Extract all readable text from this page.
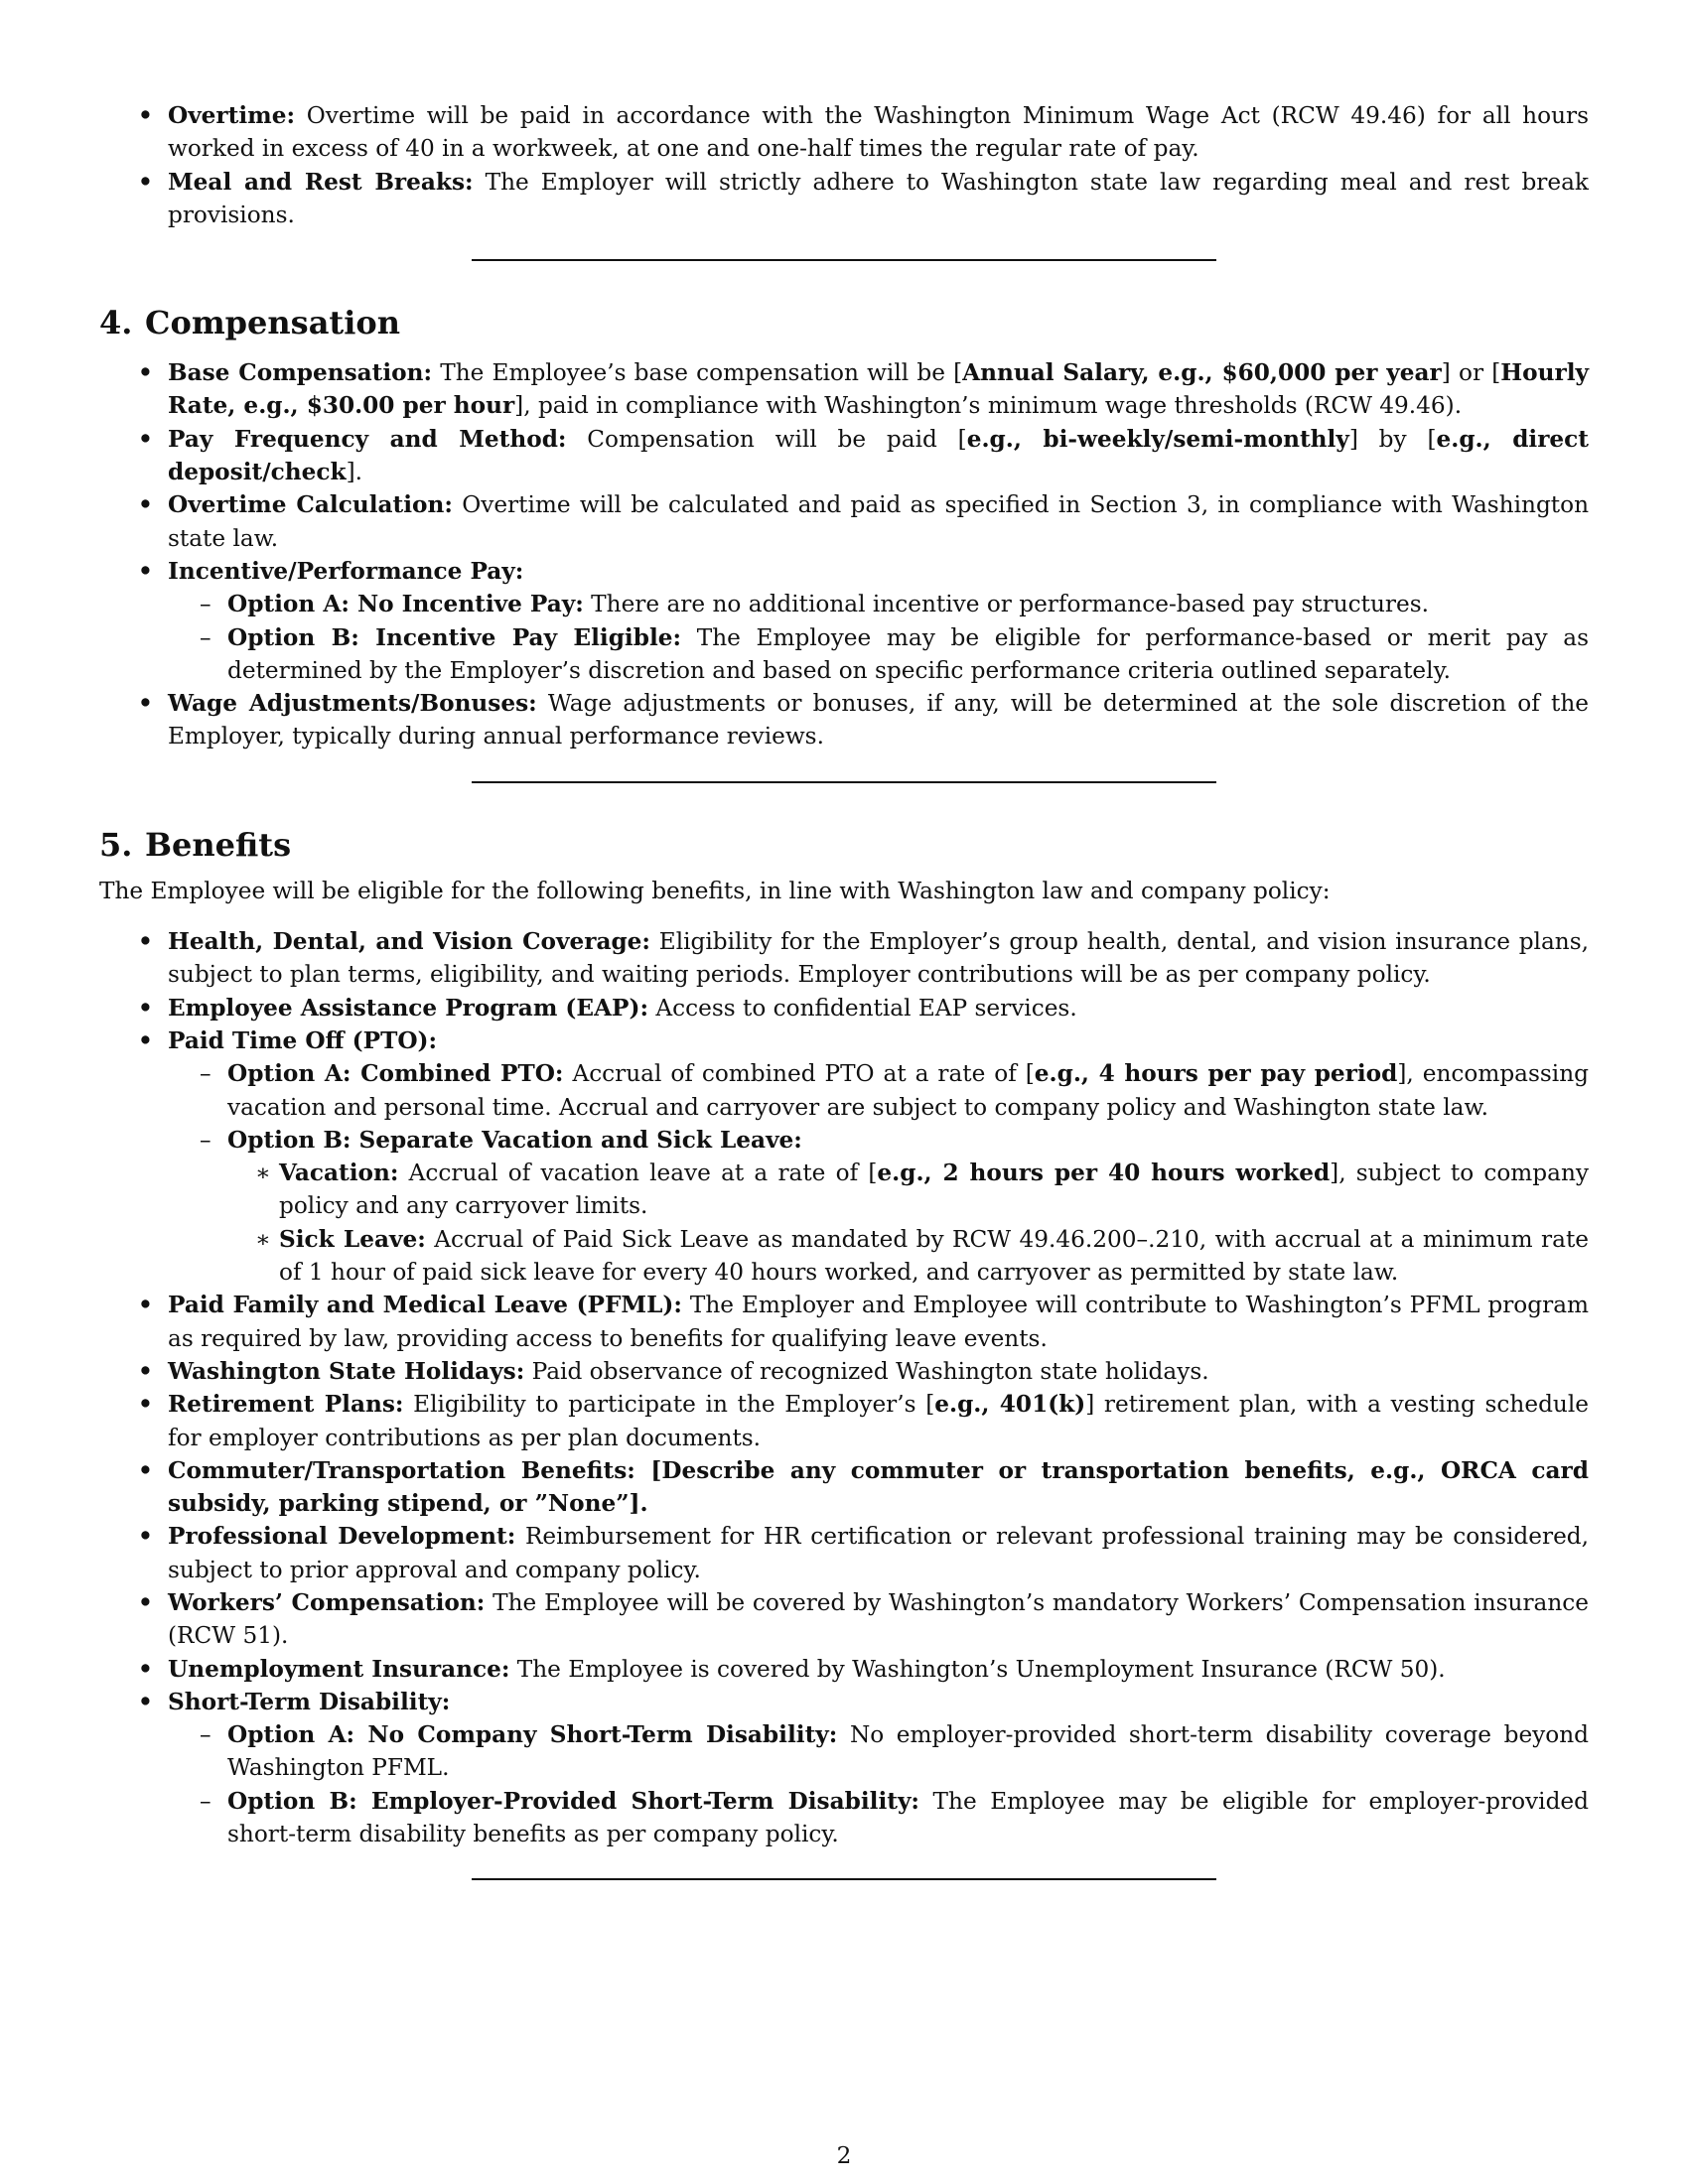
• Overtime: Overtime will be paid in accordance with the Washington Minimum Wage Act (RCW 49.46) for all hours worked in excess of 40 in a workweek, at one and one-half times the regular rate of pay.
• Meal and Rest Breaks: The Employer will strictly adhere to Washington state law regarding meal and rest break provisions.
4. Compensation
• Base Compensation: The Employee’s base compensation will be [Annual Salary, e.g., $60,000 per year] or [Hourly Rate, e.g., $30.00 per hour], paid in compliance with Washington’s minimum wage thresholds (RCW 49.46).
• Pay Frequency and Method: Compensation will be paid [e.g., bi-weekly/semi-monthly] by [e.g., direct deposit/check].
• Overtime Calculation: Overtime will be calculated and paid as specified in Section 3, in compliance with Washington state law.
• Incentive/Performance Pay:
– Option A: No Incentive Pay: There are no additional incentive or performance-based pay structures.
– Option B: Incentive Pay Eligible: The Employee may be eligible for performance-based or merit pay as determined by the Employer’s discretion and based on specific performance criteria outlined separately.
• Wage Adjustments/Bonuses: Wage adjustments or bonuses, if any, will be determined at the sole discretion of the Employer, typically during annual performance reviews.
5. Benefits

The Employee will be eligible for the following benefits, in line with Washington law and company policy:

• Health, Dental, and Vision Coverage: Eligibility for the Employer’s group health, dental, and vision insurance plans, subject to plan terms, eligibility, and waiting periods. Employer contributions will be as per company policy.
• Employee Assistance Program (EAP): Access to confidential EAP services.
• Paid Time Off (PTO):
– Option A: Combined PTO: Accrual of combined PTO at a rate of [e.g., 4 hours per pay period], encompassing vacation and personal time. Accrual and carryover are subject to company policy and Washington state law.
– Option B: Separate Vacation and Sick Leave:
∗ Vacation: Accrual of vacation leave at a rate of [e.g., 2 hours per 40 hours worked], subject to company policy and any carryover limits.
∗ Sick Leave: Accrual of Paid Sick Leave as mandated by RCW 49.46.200–.210, with accrual at a minimum rate of 1 hour of paid sick leave for every 40 hours worked, and carryover as permitted by state law.
• Paid Family and Medical Leave (PFML): The Employer and Employee will contribute to Washington’s PFML program as required by law, providing access to benefits for qualifying leave events.
• Washington State Holidays: Paid observance of recognized Washington state holidays.
• Retirement Plans: Eligibility to participate in the Employer’s [e.g., 401(k)] retirement plan, with a vesting schedule for employer contributions as per plan documents.
• Commuter/Transportation Benefits: [Describe any commuter or transportation benefits, e.g., ORCA card subsidy, parking stipend, or ”None”].
• Professional Development: Reimbursement for HR certification or relevant professional training may be considered, subject to prior approval and company policy.
• Workers’ Compensation: The Employee will be covered by Washington’s mandatory Workers’ Compensation insurance (RCW 51).
• Unemployment Insurance: The Employee is covered by Washington’s Unemployment Insurance (RCW 50).
• Short-Term Disability:
– Option A: No Company Short-Term Disability: No employer-provided short-term disability coverage beyond Washington PFML.
– Option B: Employer-Provided Short-Term Disability: The Employee may be eligible for employer-provided short-term disability benefits as per company policy.
2
